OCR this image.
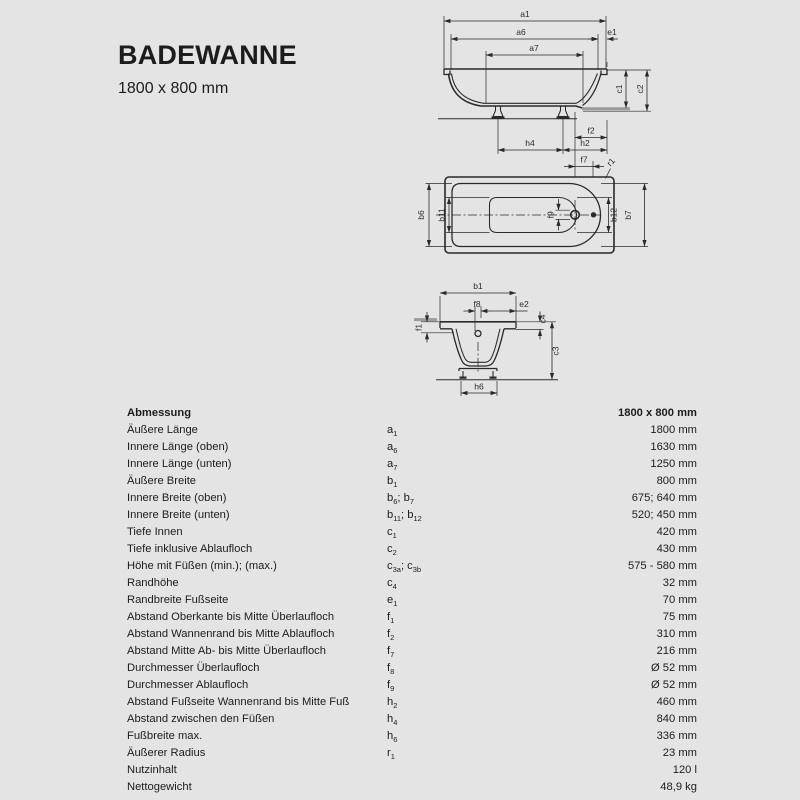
BADEWANNE
1800 x 800 mm
a1
a6	e1
a7
c1 c2
f2
h4	h2
f7 r1
f9
b6 b11	b12 b7
b1
f8	e2
c4
f1
c3
h6
Abmessung	1800 x 800 mm
Äußere Länge	$a_1$	1800 mm
Innere Länge (oben)	$a_6$	1630 mm
Innere Länge (unten)	$a_7$	1250 mm
Äußere Breite	$b_1$	800 mm
Innere Breite (oben)	$b_6$; $b_7$	675; 640 mm
Innere Breite (unten)	$b_{11}$; $b_{12}$	520; 450 mm
Tiefe Innen	$c_1$	420 mm
Tiefe inklusive Ablaufloch	$c_2$	430 mm
Höhe mit Füßen (min.); (max.)	$c_{3a}$; $c_{3b}$	575 - 580 mm
Randhöhe	$c_4$	32 mm
Randbreite Fußseite	$e_1$	70 mm
Abstand Oberkante bis Mitte Überlaufloch	$f_1$	75 mm
Abstand Wannenrand bis Mitte Ablaufloch	$f_2$	310 mm
Abstand Mitte Ab- bis Mitte Überlaufloch	$f_7$	216 mm
Durchmesser Überlaufloch	$f_8$	Ø 52 mm
Durchmesser Ablaufloch	$f_9$	Ø 52 mm
Abstand Fußseite Wannenrand bis Mitte Fuß	$h_2$	460 mm
Abstand zwischen den Füßen	$h_4$	840 mm
Fußbreite max.	$h_6$	336 mm
Äußerer Radius	$r_1$	23 mm
Nutzinhalt	120 l
Nettogewicht	48,9 kg
